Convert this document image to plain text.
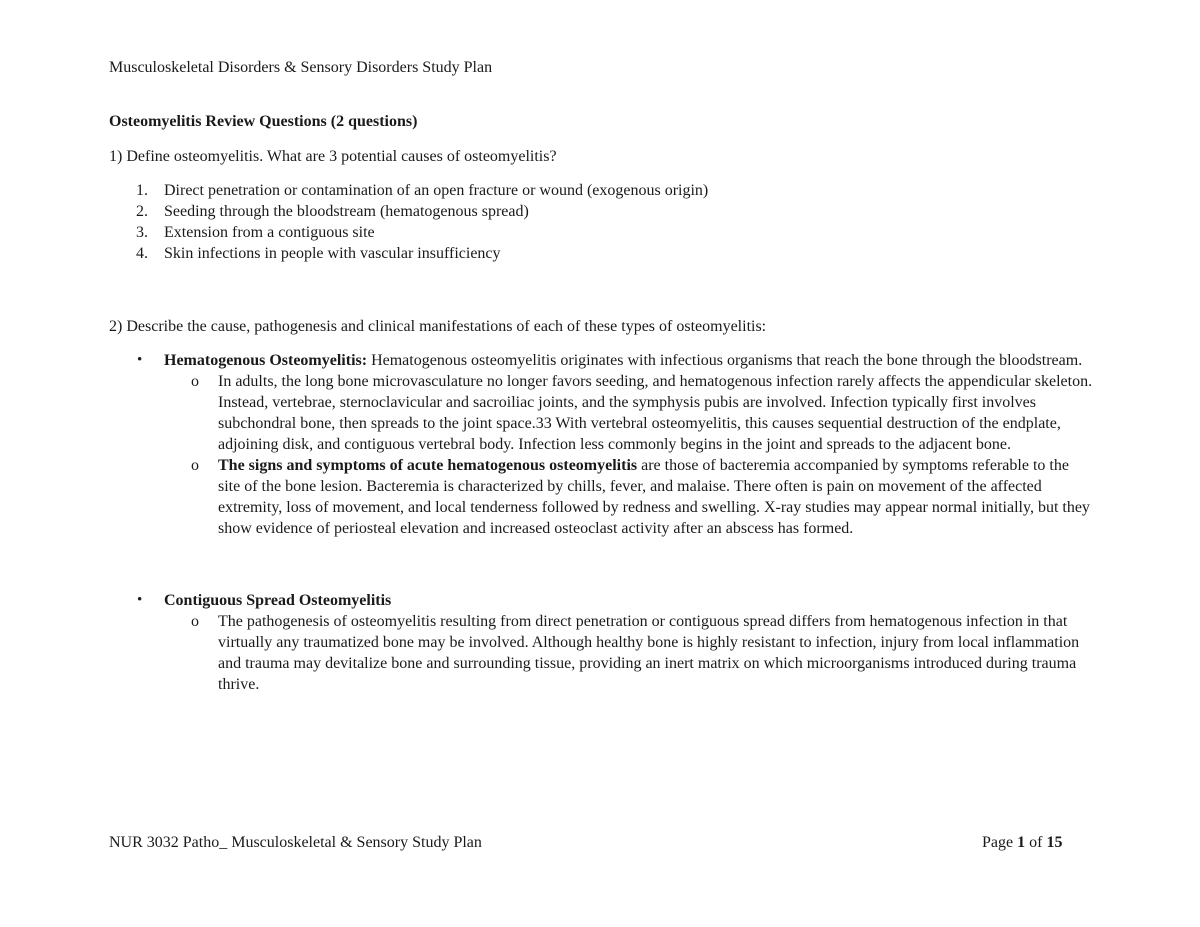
Musculoskeletal Disorders & Sensory Disorders Study Plan

Osteomyelitis Review Questions (2 questions)

1) Define osteomyelitis. What are 3 potential causes of osteomyelitis?

1. Direct penetration or contamination of an open fracture or wound (exogenous origin)
2. Seeding through the bloodstream (hematogenous spread)
3. Extension from a contiguous site
4. Skin infections in people with vascular insufficiency

2) Describe the cause, pathogenesis and clinical manifestations of each of these types of osteomyelitis:

• Hematogenous Osteomyelitis: Hematogenous osteomyelitis originates with infectious organisms that reach the bone through the bloodstream.
o In adults, the long bone microvasculature no longer favors seeding, and hematogenous infection rarely affects the appendicular skeleton. Instead, vertebrae, sternoclavicular and sacroiliac joints, and the symphysis pubis are involved. Infection typically first involves subchondral bone, then spreads to the joint space.33 With vertebral osteomyelitis, this causes sequential destruction of the endplate, adjoining disk, and contiguous vertebral body. Infection less commonly begins in the joint and spreads to the adjacent bone.
o The signs and symptoms of acute hematogenous osteomyelitis are those of bacteremia accompanied by symptoms referable to the site of the bone lesion. Bacteremia is characterized by chills, fever, and malaise. There often is pain on movement of the affected extremity, loss of movement, and local tenderness followed by redness and swelling. X-ray studies may appear normal initially, but they show evidence of periosteal elevation and increased osteoclast activity after an abscess has formed.
• Contiguous Spread Osteomyelitis
o The pathogenesis of osteomyelitis resulting from direct penetration or contiguous spread differs from hematogenous infection in that virtually any traumatized bone may be involved. Although healthy bone is highly resistant to infection, injury from local inflammation and trauma may devitalize bone and surrounding tissue, providing an inert matrix on which microorganisms introduced during trauma thrive.
NUR 3032 Patho_ Musculoskeletal & Sensory Study Plan	Page 1 of 15
